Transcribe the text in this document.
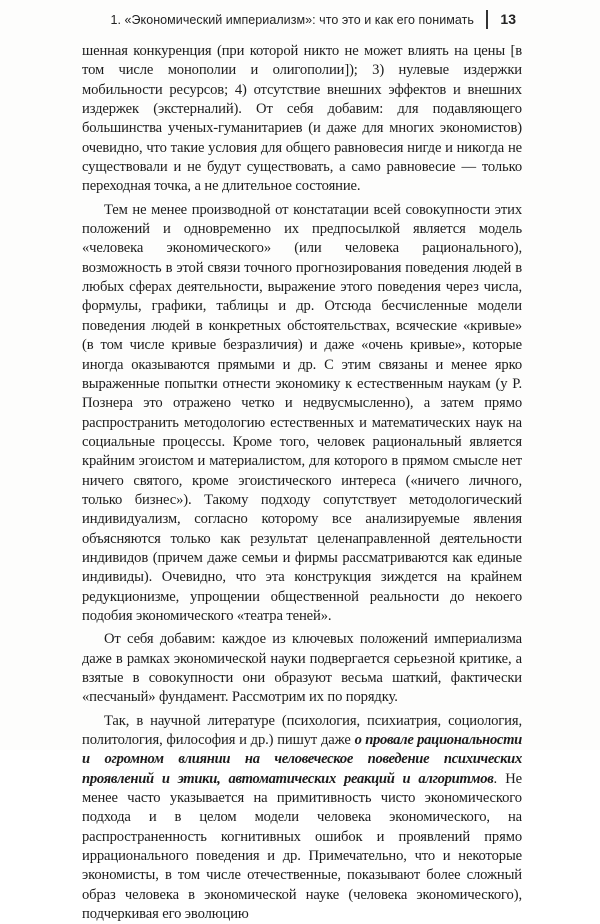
1. «Экономический империализм»: что это и как его понимать 13

шенная конкуренция (при которой никто не может влиять на цены [в том числе монополии и олигополии]); 3) нулевые издержки мобильности ресурсов; 4) отсутствие внешних эффектов и внешних издержек (экстерналий). От себя добавим: для подавляющего большинства ученых-гуманитариев (и даже для многих экономистов) очевидно, что такие условия для общего равновесия нигде и никогда не существовали и не будут существовать, а само равновесие — только переходная точка, а не длительное состояние.

Тем не менее производной от констатации всей совокупности этих положений и одновременно их предпосылкой является модель «человека экономического» (или человека рационального), возможность в этой связи точного прогнозирования поведения людей в любых сферах деятельности, выражение этого поведения через числа, формулы, графики, таблицы и др. Отсюда бесчисленные модели поведения людей в конкретных обстоятельствах, всяческие «кривые» (в том числе кривые безразличия) и даже «очень кривые», которые иногда оказываются прямыми и др. С этим связаны и менее ярко выраженные попытки отнести экономику к естественным наукам (у Р. Познера это отражено четко и недвусмысленно), а затем прямо распространить методологию естественных и математических наук на социальные процессы. Кроме того, человек рациональный является крайним эгоистом и материалистом, для которого в прямом смысле нет ничего святого, кроме эгоистического интереса («ничего личного, только бизнес»). Такому подходу сопутствует методологический индивидуализм, согласно которому все анализируемые явления объясняются только как результат целенаправленной деятельности индивидов (причем даже семьи и фирмы рассматриваются как единые индивиды). Очевидно, что эта конструкция зиждется на крайнем редукционизме, упрощении общественной реальности до некоего подобия экономического «театра теней».

От себя добавим: каждое из ключевых положений империализма даже в рамках экономической науки подвергается серьезной критике, а взятые в совокупности они образуют весьма шаткий, фактически «песчаный» фундамент. Рассмотрим их по порядку.

Так, в научной литературе (психология, психиатрия, социология, политология, философия и др.) пишут даже о провале рациональности и огромном влиянии на человеческое поведение психических проявлений и этики, автоматических реакций и алгоритмов. Не менее часто указывается на примитивность чисто экономического подхода и в целом модели человека экономического, на распространенность когнитивных ошибок и проявлений прямо иррационального поведения и др. Примечательно, что и некоторые экономисты, в том числе отечественные, показывают более сложный образ человека в экономической науке (человека экономического), подчеркивая его эволюцию
